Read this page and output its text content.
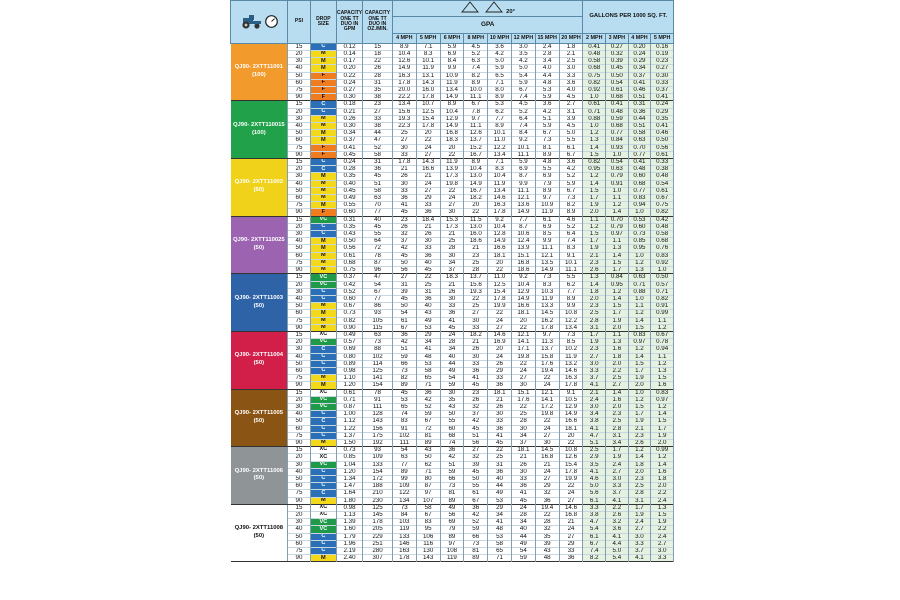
	PSI	DROP SIZE	CAPACITY ONE TT DUO IN GPM	CAPACITY ONE TT DUO IN OZ./MIN.	20°								GALLONS PER 1000 SQ. FT.			
					GPA											
					4 MPH	5 MPH	6 MPH	8 MPH	10 MPH	12 MPH	15 MPH	20 MPH	2 MPH	3 MPH	4 MPH	5 MPH
QJ90- 2XTT11001 (100)	15	C	0.12	15	8.9	7.1	5.9	4.5	3.6	3.0	2.4	1.8	0.41	0.27	0.20	0.16
	20	M	0.14	18	10.4	8.3	6.9	5.2	4.2	3.5	2.8	2.1	0.48	0.32	0.24	0.19
	30	M	0.17	22	12.6	10.1	8.4	6.3	5.0	4.2	3.4	2.5	0.58	0.39	0.29	0.23
	40	M	0.20	26	14.9	11.9	9.9	7.4	5.9	5.0	4.0	3.0	0.68	0.45	0.34	0.27
	50	F	0.22	28	16.3	13.1	10.9	8.2	6.5	5.4	4.4	3.3	0.75	0.50	0.37	0.30
	60	F	0.24	31	17.8	14.3	11.9	8.9	7.1	5.9	4.8	3.6	0.82	0.54	0.41	0.33
	75	F	0.27	35	20.0	16.0	13.4	10.0	8.0	6.7	5.3	4.0	0.92	0.61	0.46	0.37
	90	F	0.30	38	22.2	17.8	14.9	11.1	8.9	7.4	5.9	4.5	1.0	0.68	0.51	0.41
QJ90- 2XTT110015 (100)	15	C	0.18	23	13.4	10.7	8.9	6.7	5.3	4.5	3.6	2.7	0.61	0.41	0.31	0.24
	20	C	0.21	27	15.6	12.5	10.4	7.8	6.2	5.2	4.2	3.1	0.71	0.48	0.36	0.29
	30	M	0.26	33	19.3	15.4	12.9	9.7	7.7	6.4	5.1	3.9	0.88	0.59	0.44	0.35
	40	M	0.30	38	22.3	17.8	14.9	11.1	8.9	7.4	5.9	4.5	1.0	0.68	0.51	0.41
	50	M	0.34	44	25	20	16.8	12.6	10.1	8.4	6.7	5.0	1.2	0.77	0.58	0.46
	60	M	0.37	47	27	22	18.3	13.7	11.0	9.2	7.3	5.5	1.3	0.84	0.63	0.50
	75	F	0.41	52	30	24	20	15.2	12.2	10.1	8.1	6.1	1.4	0.93	0.70	0.56
	90	F	0.45	58	33	27	22	16.7	13.4	11.1	8.9	6.7	1.5	1.0	0.77	0.61
QJ90- 2XTT11002 (50)	15	C	0.24	31	17.8	14.3	11.9	8.9	7.1	5.9	4.8	3.6	0.82	0.54	0.41	0.33
	20	C	0.28	36	21	16.6	13.9	10.4	8.3	6.9	5.5	4.2	0.95	0.63	0.48	0.38
	30	M	0.35	45	26	21	17.3	13.0	10.4	8.7	6.9	5.2	1.2	0.79	0.60	0.48
	40	M	0.40	51	30	24	19.8	14.9	11.9	9.9	7.9	5.9	1.4	0.91	0.68	0.54
	50	M	0.45	58	33	27	22	16.7	13.4	11.1	8.9	6.7	1.5	1.0	0.77	0.61
	60	M	0.49	63	36	29	24	18.2	14.6	12.1	9.7	7.3	1.7	1.1	0.83	0.67
	75	M	0.55	70	41	33	27	20	16.3	13.6	10.9	8.2	1.9	1.2	0.94	0.75
	90	F	0.60	77	45	36	30	22	17.8	14.9	11.9	8.9	2.0	1.4	1.0	0.82
QJ90- 2XTT110025 (50)	15	VC	0.31	40	23	18.4	15.3	11.5	9.2	7.7	6.1	4.6	1.1	0.70	0.53	0.42
	20	C	0.35	45	26	21	17.3	13.0	10.4	8.7	6.9	5.2	1.2	0.79	0.60	0.48
	30	C	0.43	55	32	26	21	16.0	12.8	10.6	8.5	6.4	1.5	0.97	0.73	0.58
	40	M	0.50	64	37	30	25	18.6	14.9	12.4	9.9	7.4	1.7	1.1	0.85	0.68
	50	M	0.56	72	42	33	28	21	16.6	13.9	11.1	8.3	1.9	1.3	0.95	0.76
	60	M	0.61	78	45	36	30	23	18.1	15.1	12.1	9.1	2.1	1.4	1.0	0.83
	75	M	0.68	87	50	40	34	25	20	16.8	13.5	10.1	2.3	1.5	1.2	0.92
	90	M	0.75	96	56	45	37	28	22	18.6	14.9	11.1	2.6	1.7	1.3	1.0
QJ90- 2XTT11003 (50)	15	VC	0.37	47	27	22	18.3	13.7	11.0	9.2	7.3	5.5	1.3	0.84	0.63	0.50
	20	VC	0.42	54	31	25	21	15.6	12.5	10.4	8.3	6.2	1.4	0.95	0.71	0.57
	30	C	0.52	67	39	31	26	19.3	15.4	12.9	10.3	7.7	1.8	1.2	0.88	0.71
	40	C	0.60	77	45	36	30	22	17.8	14.9	11.9	8.9	2.0	1.4	1.0	0.82
	50	M	0.67	86	50	40	33	25	19.9	16.6	13.3	9.9	2.3	1.5	1.1	0.91
	60	M	0.73	93	54	43	36	27	22	18.1	14.5	10.8	2.5	1.7	1.2	0.99
	75	M	0.82	105	61	49	41	30	24	20	16.2	12.2	2.8	1.9	1.4	1.1
	90	M	0.90	115	67	53	45	33	27	22	17.8	13.4	3.1	2.0	1.5	1.2
QJ90- 2XTT11004 (50)	15	XC	0.49	63	36	29	24	18.2	14.6	12.1	9.7	7.3	1.7	1.1	0.83	0.67
	20	VC	0.57	73	42	34	28	21	16.9	14.1	11.3	8.5	1.9	1.3	0.97	0.78
	30	C	0.69	88	51	41	34	26	20	17.1	13.7	10.2	2.3	1.6	1.2	0.94
	40	C	0.80	102	59	48	40	30	24	19.8	15.8	11.9	2.7	1.8	1.4	1.1
	50	C	0.89	114	66	53	44	33	26	22	17.6	13.2	3.0	2.0	1.5	1.2
	60	C	0.98	125	73	58	49	36	29	24	19.4	14.6	3.3	2.2	1.7	1.3
	75	M	1.10	141	82	65	54	41	33	27	22	16.3	3.7	2.5	1.9	1.5
	90	M	1.20	154	89	71	59	45	36	30	24	17.8	4.1	2.7	2.0	1.6
QJ90- 2XTT11005 (50)	15	XC	0.61	78	45	36	30	23	18.1	15.1	12.1	9.1	2.1	1.4	1.0	0.83
	20	VC	0.71	91	53	42	35	26	21	17.6	14.1	10.5	2.4	1.6	1.2	0.97
	30	VC	0.87	111	65	52	43	32	26	22	17.2	12.9	3.0	2.0	1.5	1.2
	40	C	1.00	128	74	59	50	37	30	25	19.8	14.9	3.4	2.3	1.7	1.4
	50	C	1.12	143	83	67	55	42	33	28	22	16.6	3.8	2.5	1.9	1.5
	60	C	1.22	156	91	72	60	45	36	30	24	18.1	4.1	2.8	2.1	1.7
	75	C	1.37	175	102	81	68	51	41	34	27	20	4.7	3.1	2.3	1.9
	90	M	1.50	192	111	89	74	56	45	37	30	22	5.1	3.4	2.6	2.0
QJ90- 2XTT11006 (50)	15	XC	0.73	93	54	43	36	27	22	18.1	14.5	10.8	2.5	1.7	1.2	0.99
	20	XC	0.85	109	63	50	42	32	25	21	16.8	12.6	2.9	1.9	1.4	1.2
	30	VC	1.04	133	77	62	51	39	31	26	21	15.4	3.5	2.4	1.8	1.4
	40	C	1.20	154	89	71	59	45	36	30	24	17.8	4.1	2.7	2.0	1.6
	50	C	1.34	172	99	80	66	50	40	33	27	19.9	4.6	3.0	2.3	1.8
	60	C	1.47	188	109	87	73	55	44	36	29	22	5.0	3.3	2.5	2.0
	75	C	1.64	210	122	97	81	61	49	41	32	24	5.6	3.7	2.8	2.2
	90	M	1.80	230	134	107	89	67	53	45	36	27	6.1	4.1	3.1	2.4
QJ90- 2XTT11008 (50)	15	XC	0.98	125	73	58	49	36	29	24	19.4	14.6	3.3	2.2	1.7	1.3
	20	XC	1.13	145	84	67	56	42	34	28	22	16.8	3.8	2.6	1.9	1.5
	30	VC	1.39	178	103	83	69	52	41	34	28	21	4.7	3.2	2.4	1.9
	40	VC	1.60	205	119	95	79	59	48	40	32	24	5.4	3.6	2.7	2.2
	50	C	1.79	229	133	106	89	66	53	44	35	27	6.1	4.1	3.0	2.4
	60	C	1.96	251	146	116	97	73	58	49	39	29	6.7	4.4	3.3	2.7
	75	C	2.19	280	163	130	108	81	65	54	43	33	7.4	5.0	3.7	3.0
	90	M	2.40	307	178	143	119	89	71	59	48	36	8.2	5.4	4.1	3.3
